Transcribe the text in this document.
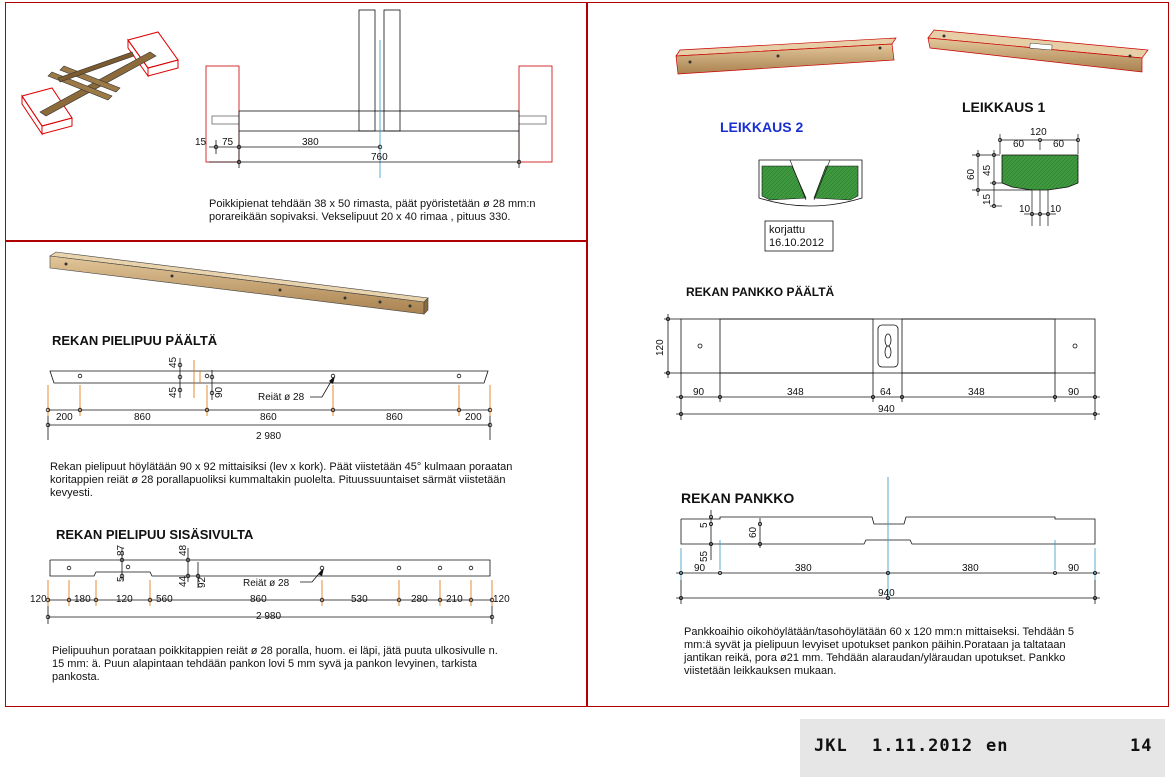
15 75	380
760
45
45	90	Reiät ø 28
200	860	860	860	200
2 980
87
5
48
44 92	Reiät ø 28
120	180	120 560	860	530	280 210	120
2 980
korjattu
16.10.2012
120
60	60
60 45
15
10 10
120
90	348	64	348	90
940
5
60
55
90	380	380	90
940
Poikkipienat tehdään 38 x 50 rimasta, päät pyöristetään ø 28 mm:n porareikään sopivaksi. Vekselipuut 20 x 40 rimaa , pituus 330.
REKAN PIELIPUU PÄÄLTÄ
Rekan pielipuut höylätään 90 x 92 mittaisiksi (lev x kork). Päät viistetään 45° kulmaan poraatan koritappien reiät ø 28 porallapuoliksi kummaltakin puolelta. Pituussuuntaiset särmät viistetään kevyesti.
REKAN PIELIPUU SISÄSIVULTA
Pielipuuhun porataan poikkitappien reiät ø 28 poralla, huom. ei läpi, jätä puuta ulkosivulle n. 15 mm: ä. Puun alapintaan tehdään pankon lovi 5 mm syvä ja pankon levyinen, tarkista pankosta.
LEIKKAUS 2
LEIKKAUS 1
REKAN PANKKO PÄÄLTÄ
REKAN PANKKO
Pankkoaihio oikohöylätään/tasohöylätään 60 x 120 mm:n mittaiseksi. Tehdään 5 mm:ä syvät ja pielipuun levyiset upotukset pankon päihin.Porataan ja taltataan jantikan reikä, pora ø21 mm. Tehdään alaraudan/yläraudan upotukset. Pankko viistetään leikkauksen mukaan.
JKL 1.11.2012 en	14
